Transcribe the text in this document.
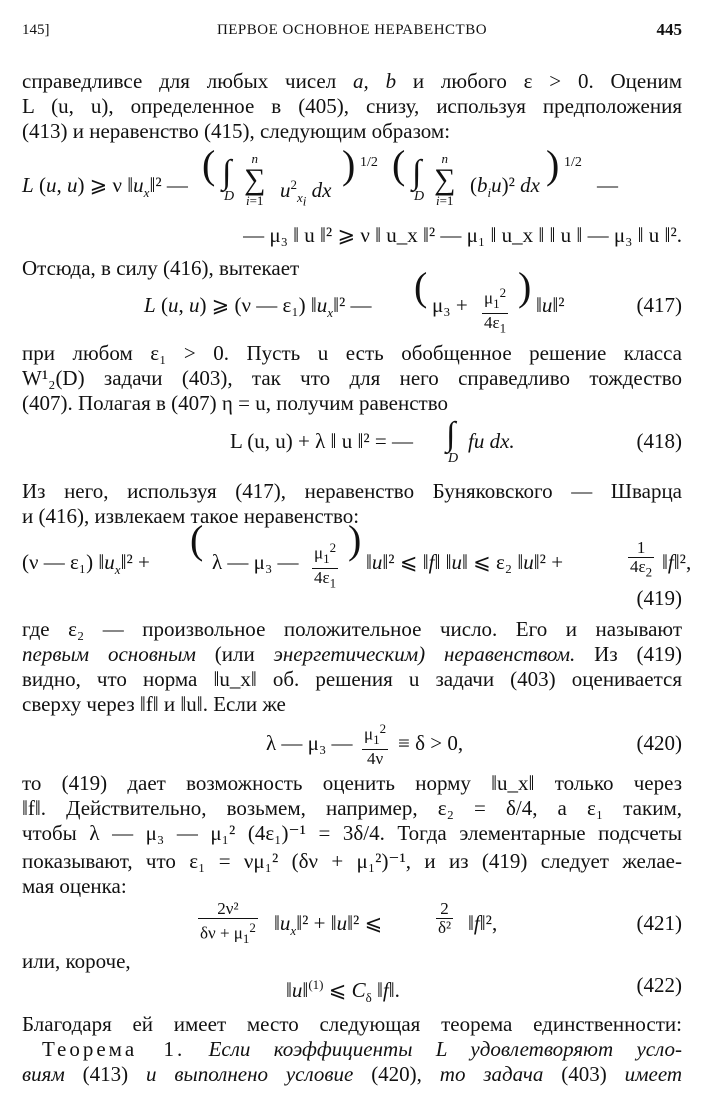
145]	ПЕРВОЕ ОСНОВНОЕ НЕРАВЕНСТВО	445
справедливсе для любых чисел a, b и любого ε > 0. Оценим
L (u, u), определенное в (405), снизу, используя предположения
(413) и неравенство (415), следующим образом:
L (u, u) ⩾ ν $‖u_x‖^2$ — ( ∫
D
n
∑
i=1 $u^2_{x_i}$ dx
) 1/2 ( ∫
D
n
∑
i=1
$(b_iu)^2$ dx ) 1/2
—
— μ₃ ‖ u ‖² ⩾ ν ‖ u_x ‖² — μ₁ ‖ u_x ‖ ‖ u ‖ — μ₃ ‖ u ‖².
Отсюда, в силу (416), вытекает
L (u, u) ⩾ (ν — ε₁) $‖u_x‖^2$ — ( $\mu_3 + \frac{\mu_1^2}{4\varepsilon_1}$ ) ‖u‖²	(417)
при любом ε₁ > 0. Пусть u есть обобщенное решение класса
W¹₂(D) задачи (403), так что для него справедливо тождество
(407). Полагая в (407) η = u, получим равенство
L (u, u) + λ ‖ u ‖² = — ∫
D
fu dx.	(418)
Из него, используя (417), неравенство Буняковского — Шварца
и (416), извлекаем такое неравенство:
(ν — ε₁) $‖u_x‖^2$ + ( λ — μ₃ — $\frac{\mu_1^2}{4\varepsilon_1}$ ) ‖u‖² ⩽ ‖f‖ ‖u‖ ⩽ ε₂ ‖u‖² +	$\frac{1}{4\varepsilon_2}$ ‖f‖²,
(419)
где ε₂ — произвольное положительное число. Его и называют
первым основным (или энергетическим) неравенством. Из (419)
видно, что норма ‖u_x‖ об. решения u задачи (403) оценивается
сверху через ‖f‖ и ‖u‖. Если же
λ — μ₃ — $\frac{\mu_1^2}{4\nu} \equiv \delta > 0$,	(420)
то (419) дает возможность оценить норму ‖u_x‖ только через
‖f‖. Действительно, возьмем, например, ε₂ = δ/4, а ε₁ таким,
чтобы λ — μ₃ — μ₁² (4ε₁)⁻¹ = 3δ/4. Тогда элементарные подсчеты
показывают, что ε₁ = νμ₁² (δν + μ₁²)⁻¹, и из (419) следует желае-
мая оценка:
$\frac{\text{2ν²}}{\delta\nu + \mu_1^2}$ $‖u_x‖^2$ + ‖u‖² ⩽	$\frac{2}{\text{δ²}}$ ‖f‖²,	(421)
или, короче,
‖u‖$^{(1)}$ ⩽ $C_\delta$ ‖f‖.	(422)
Благодаря ей имеет место следующая теорема единственности:
Теорема 1. Если коэффициенты L удовлетворяют усло-
виям (413) и выполнено условие (420), то задача (403) имеет
